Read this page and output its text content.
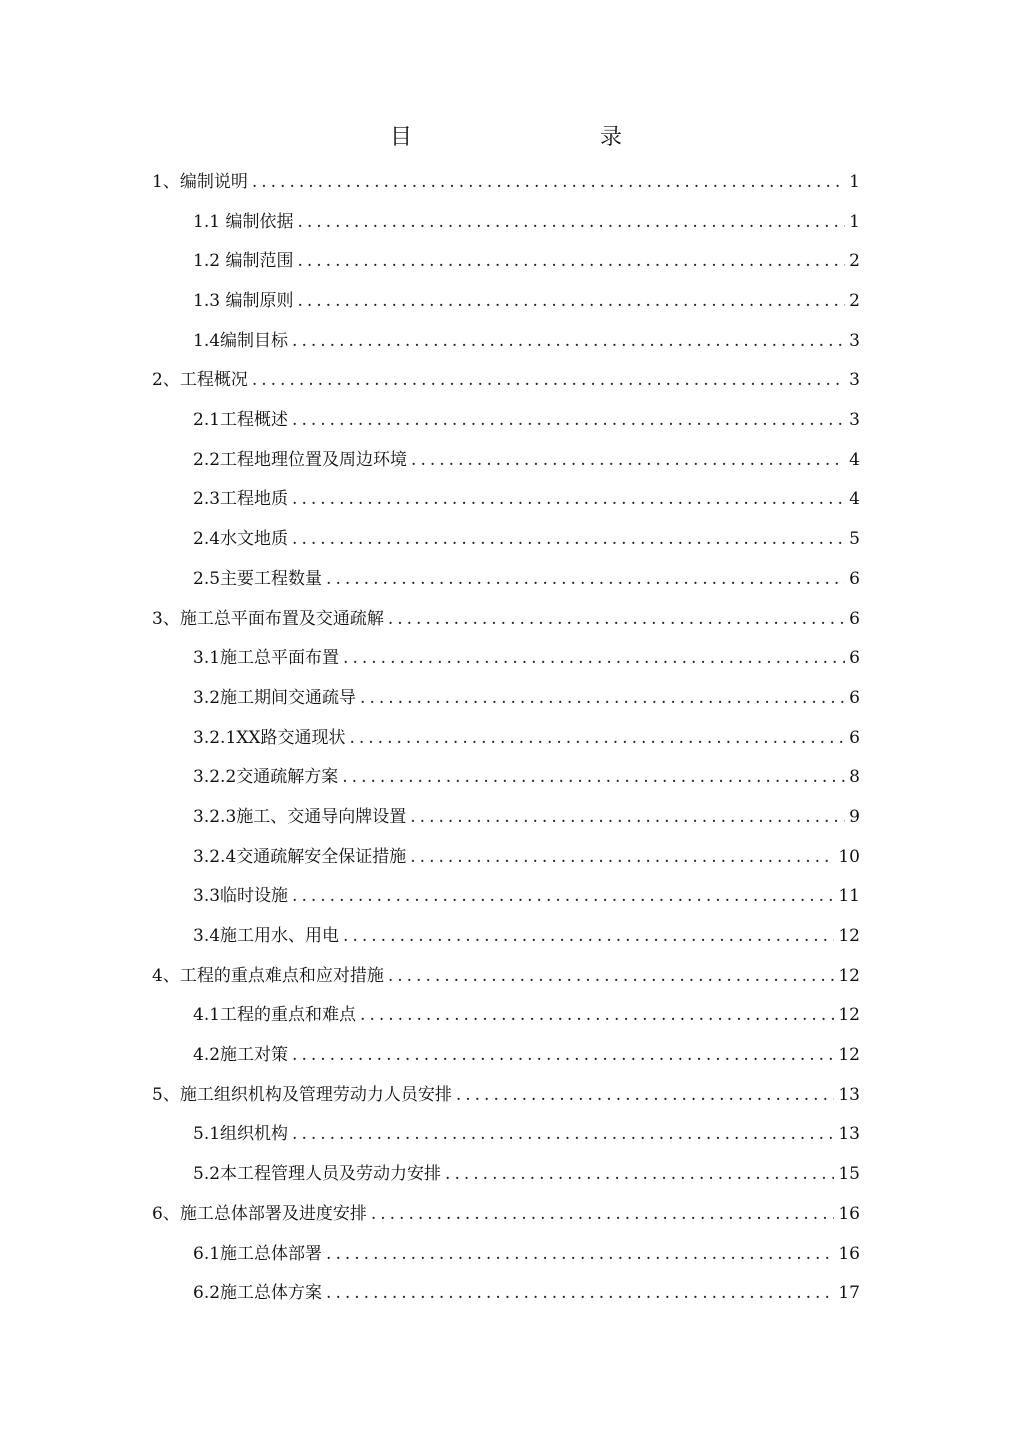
目　　录
1、编制说明 .....	1
1.1 编制依据 .....	1
1.2 编制范围 .....	2
1.3 编制原则 .....	2
1.4编制目标 .....	3
2、工程概况 .....	3
2.1工程概述 .....	3
2.2工程地理位置及周边环境 .....	4
2.3工程地质 .....	4
2.4水文地质 .....	5
2.5主要工程数量 .....	6
3、施工总平面布置及交通疏解 .....	6
3.1施工总平面布置 .....	6
3.2施工期间交通疏导 .....	6
3.2.1XX路交通现状 .....	6
3.2.2交通疏解方案 .....	8
3.2.3施工、交通导向牌设置 .....	9
3.2.4交通疏解安全保证措施 .....	10
3.3临时设施 .....	11
3.4施工用水、用电 .....	12
4、工程的重点难点和应对措施 .....	12
4.1工程的重点和难点 .....	12
4.2施工对策 .....	12
5、施工组织机构及管理劳动力人员安排 .....	13
5.1组织机构 .....	13
5.2本工程管理人员及劳动力安排 .....	15
6、施工总体部署及进度安排 .....	16
6.1施工总体部署 .....	16
6.2施工总体方案 .....	17
